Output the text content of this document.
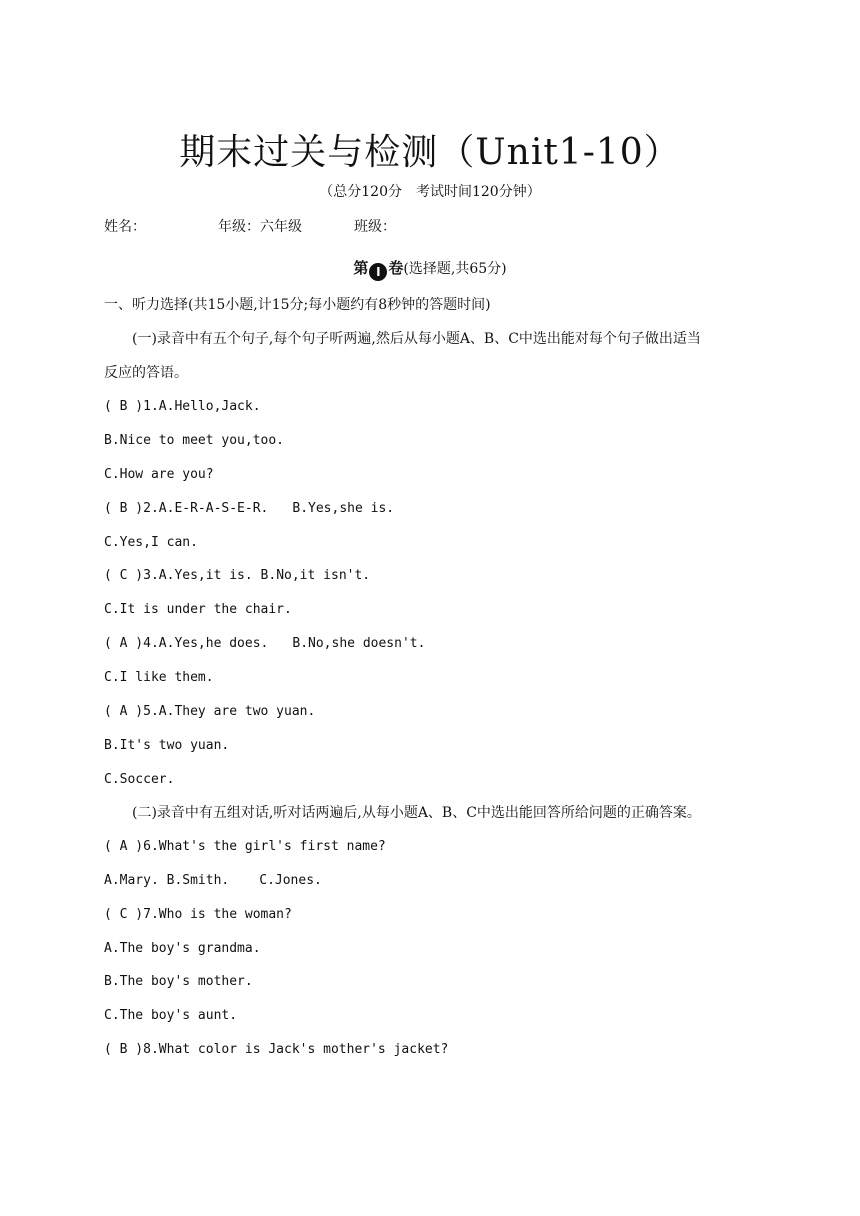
期末过关与检测（Unit1-10）
（总分120分　考试时间120分钟）
姓名：	年级：六年级	班级：
第 Ⅰ 卷(选择题,共65分)
一、听力选择(共15小题,计15分;每小题约有8秒钟的答题时间)
(一)录音中有五个句子,每个句子听两遍,然后从每小题A、B、C中选出能对每个句子做出适当
反应的答语。
( B )1.A.Hello,Jack.
B.Nice to meet you,too.
C.How are you?
( B )2.A.E-R-A-S-E-R. B.Yes,she is.
C.Yes,I can.
( C )3.A.Yes,it is. B.No,it isn't.
C.It is under the chair.
( A )4.A.Yes,he does. B.No,she doesn't.
C.I like them.
( A )5.A.They are two yuan.
B.It's two yuan.
C.Soccer.
(二)录音中有五组对话,听对话两遍后,从每小题A、B、C中选出能回答所给问题的正确答案。
( A )6.What's the girl's first name?
A.Mary. B.Smith. C.Jones.
( C )7.Who is the woman?
A.The boy's grandma.
B.The boy's mother.
C.The boy's aunt.
( B )8.What color is Jack's mother's jacket?
